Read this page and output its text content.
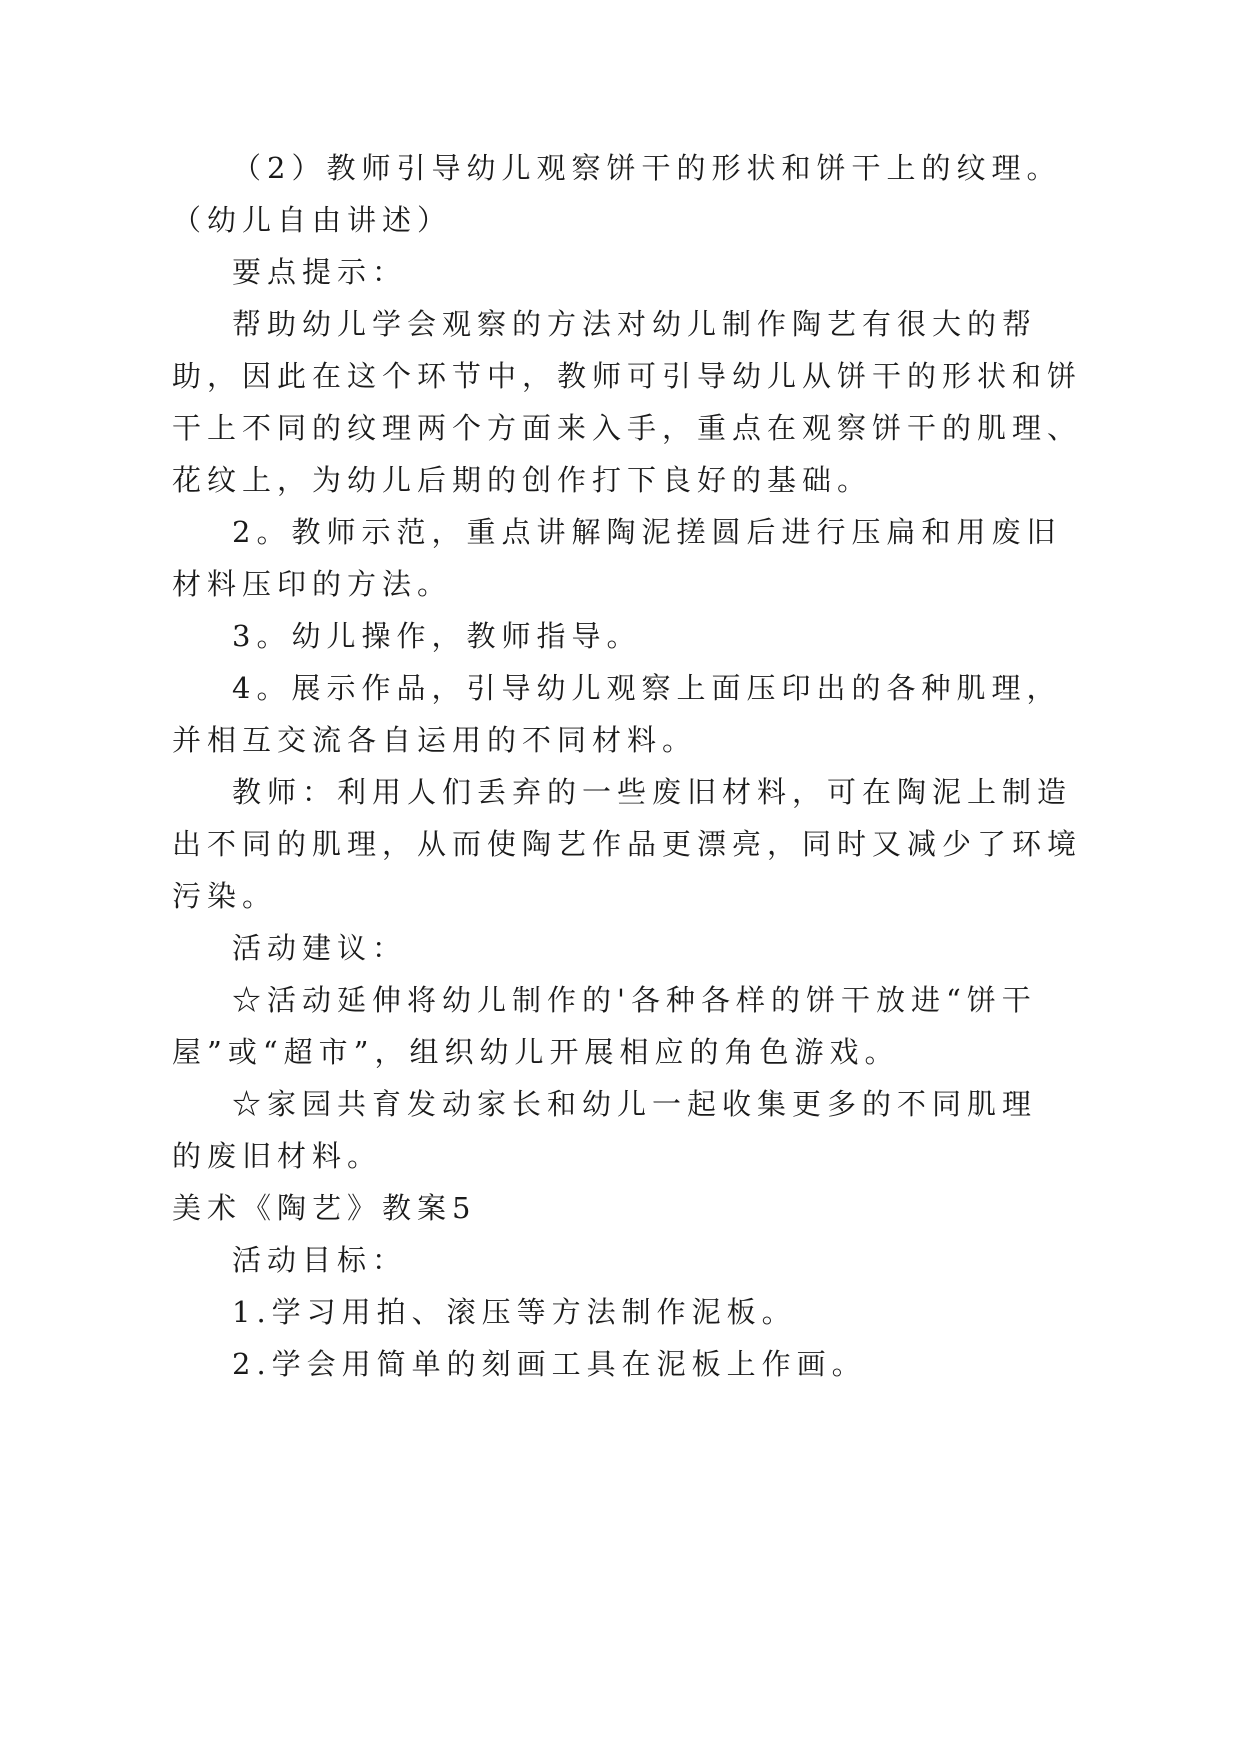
（2）教师引导幼儿观察饼干的形状和饼干上的纹理。
（幼儿自由讲述）
要点提示：
帮助幼儿学会观察的方法对幼儿制作陶艺有很大的帮
助，因此在这个环节中，教师可引导幼儿从饼干的形状和饼
干上不同的纹理两个方面来入手，重点在观察饼干的肌理、
花纹上，为幼儿后期的创作打下良好的基础。
2。教师示范，重点讲解陶泥搓圆后进行压扁和用废旧
材料压印的方法。
3。幼儿操作，教师指导。
4。展示作品，引导幼儿观察上面压印出的各种肌理，
并相互交流各自运用的不同材料。
教师：利用人们丢弃的一些废旧材料，可在陶泥上制造
出不同的肌理，从而使陶艺作品更漂亮，同时又减少了环境
污染。
活动建议：
☆活动延伸将幼儿制作的'各种各样的饼干放进“饼干
屋”或“超市”，组织幼儿开展相应的角色游戏。
☆家园共育发动家长和幼儿一起收集更多的不同肌理
的废旧材料。
美术《陶艺》教案5
活动目标：
1.学习用拍、滚压等方法制作泥板。
2.学会用简单的刻画工具在泥板上作画。
